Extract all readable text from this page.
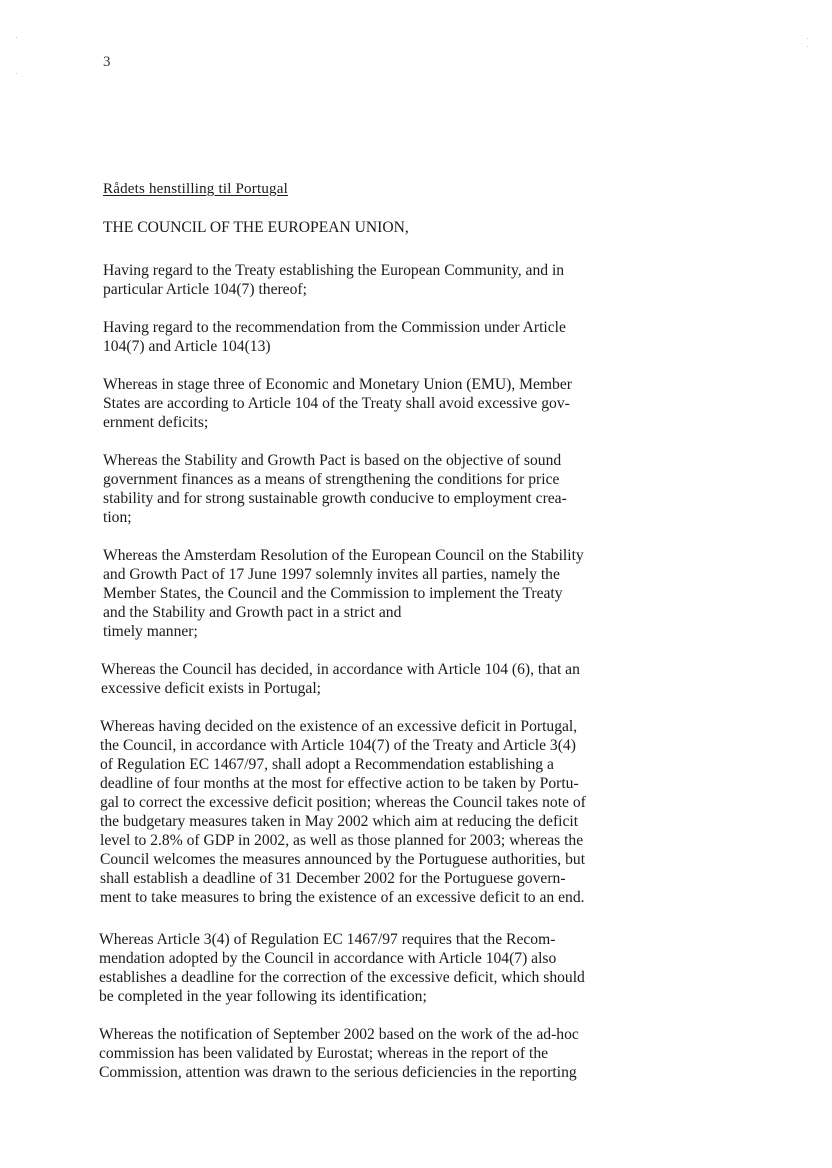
3
Rådets henstilling til Portugal
THE COUNCIL OF THE EUROPEAN UNION,
Having regard to the Treaty establishing the European Community, and in
particular Article 104(7) thereof;
Having regard to the recommendation from the Commission under Article
104(7) and Article 104(13)
Whereas in stage three of Economic and Monetary Union (EMU), Member
States are according to Article 104 of the Treaty shall avoid excessive gov-
ernment deficits;
Whereas the Stability and Growth Pact is based on the objective of sound
government finances as a means of strengthening the conditions for price
stability and for strong sustainable growth conducive to employment crea-
tion;
Whereas the Amsterdam Resolution of the European Council on the Stability
and Growth Pact of 17 June 1997 solemnly invites all parties, namely the
Member States, the Council and the Commission to implement the Treaty
and the Stability and Growth pact in a strict and
timely manner;
Whereas the Council has decided, in accordance with Article 104 (6), that an
excessive deficit exists in Portugal;
Whereas having decided on the existence of an excessive deficit in Portugal,
the Council, in accordance with Article 104(7) of the Treaty and Article 3(4)
of Regulation EC 1467/97, shall adopt a Recommendation establishing a
deadline of four months at the most for effective action to be taken by Portu-
gal to correct the excessive deficit position; whereas the Council takes note of
the budgetary measures taken in May 2002 which aim at reducing the deficit
level to 2.8% of GDP in 2002, as well as those planned for 2003; whereas the
Council welcomes the measures announced by the Portuguese authorities, but
shall establish a deadline of 31 December 2002 for the Portuguese govern-
ment to take measures to bring the existence of an excessive deficit to an end.
Whereas Article 3(4) of Regulation EC 1467/97 requires that the Recom-
mendation adopted by the Council in accordance with Article 104(7) also
establishes a deadline for the correction of the excessive deficit, which should
be completed in the year following its identification;
Whereas the notification of September 2002 based on the work of the ad-hoc
commission has been validated by Eurostat; whereas in the report of the
Commission, attention was drawn to the serious deficiencies in the reporting
